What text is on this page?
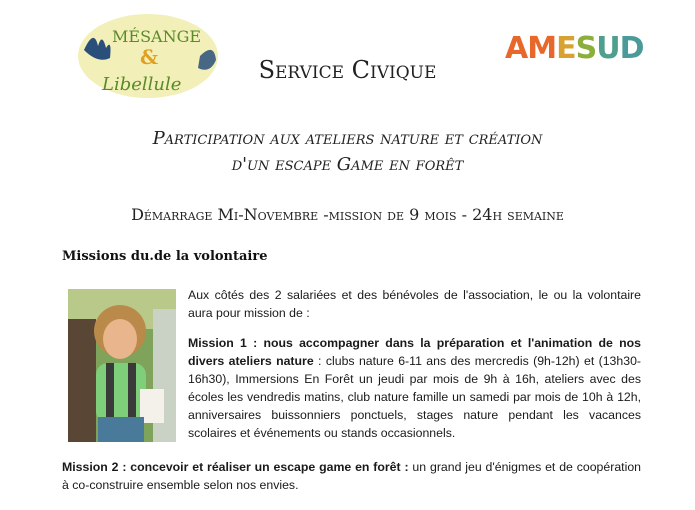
MÉSANGE
&
Libellule
AMESUD
Service Civique
Participation aux ateliers nature et création
d'un escape Game en forêt
Démarrage Mi-Novembre -mission de 9 mois - 24h semaine
Missions du.de la volontaire
Aux côtés des 2 salariées et des bénévoles de l'association, le ou la volontaire aura pour mission de :
Mission 1 : nous accompagner dans la préparation et l'animation de nos divers ateliers nature : clubs nature 6-11 ans des mercredis (9h-12h) et (13h30-16h30), Immersions En Forêt un jeudi par mois de 9h à 16h, ateliers avec des écoles les vendredis matins, club nature famille un samedi par mois de 10h à 12h, anniversaires buissonniers ponctuels, stages nature pendant les vacances scolaires et événements ou stands occasionnels.
Mission 2 : concevoir et réaliser un escape game en forêt : un grand jeu d'énigmes et de coopération à co-construire ensemble selon nos envies.
